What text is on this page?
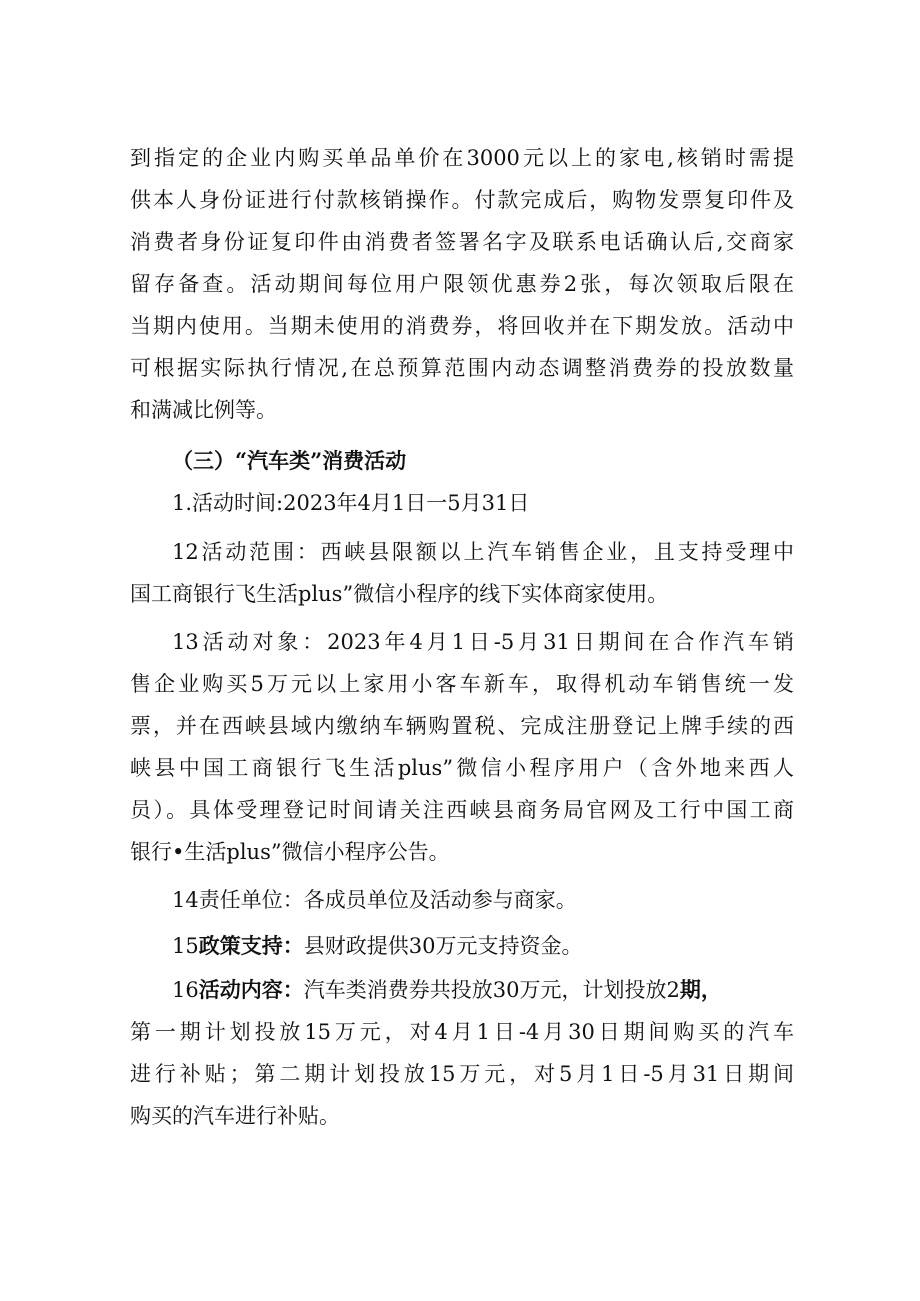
到指定的企业内购买单品单价在3000元以上的家电,核销时需提
供本人身份证进行付款核销操作。付款完成后，购物发票复印件及
消费者身份证复印件由消费者签署名字及联系电话确认后,交商家
留存备查。活动期间每位用户限领优惠券2张，每次领取后限在
当期内使用。当期未使用的消费券，将回收并在下期发放。活动中
可根据实际执行情况,在总预算范围内动态调整消费券的投放数量
和满减比例等。
（三）“汽车类”消费活动
1.活动时间:2023年4月1日一5月31日
12活动范围：西峡县限额以上汽车销售企业，且支持受理中
国工商银行飞生活plus”微信小程序的线下实体商家使用。
13活动对象：2023年4月1日-5月31日期间在合作汽车销
售企业购买5万元以上家用小客车新车，取得机动车销售统一发
票，并在西峡县域内缴纳车辆购置税、完成注册登记上牌手续的西
峡县中国工商银行飞生活plus”微信小程序用户（含外地来西人
员）。具体受理登记时间请关注西峡县商务局官网及工行中国工商
银行•生活plus”微信小程序公告。
14责任单位：各成员单位及活动参与商家。
15政策支持：县财政提供30万元支持资金。
16活动内容：汽车类消费券共投放30万元，计划投放2期，
第一期计划投放15万元，对4月1日-4月30日期间购买的汽车
进行补贴；第二期计划投放15万元，对5月1日-5月31日期间
购买的汽车进行补贴。
